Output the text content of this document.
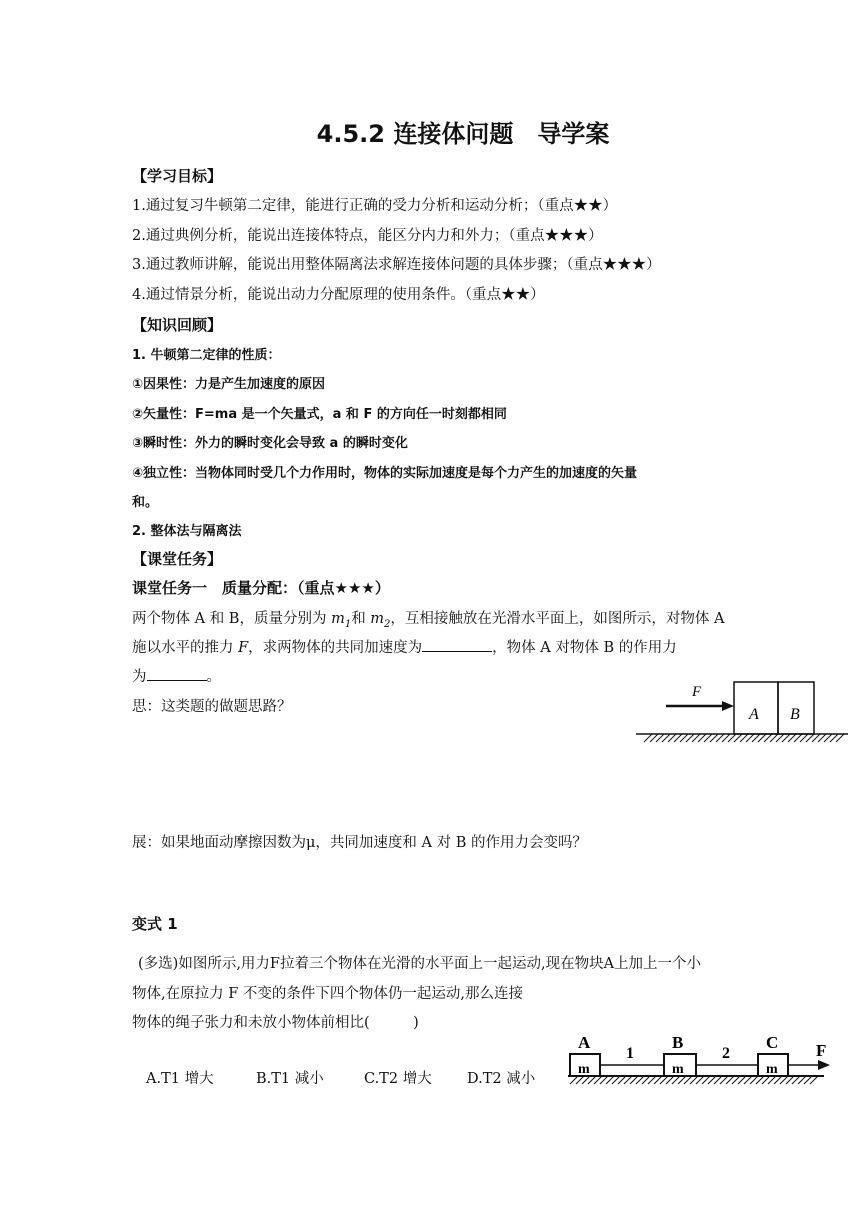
4.5.2 连接体问题　导学案
【学习目标】
1.通过复习牛顿第二定律，能进行正确的受力分析和运动分析；（重点★★）
2.通过典例分析，能说出连接体特点，能区分内力和外力；（重点★★★）
3.通过教师讲解，能说出用整体隔离法求解连接体问题的具体步骤；（重点★★★）
4.通过情景分析，能说出动力分配原理的使用条件。（重点★★）
【知识回顾】
1. 牛顿第二定律的性质：
①因果性：力是产生加速度的原因
②矢量性：F=ma 是一个矢量式，a 和 F 的方向任一时刻都相同
③瞬时性：外力的瞬时变化会导致 a 的瞬时变化
④独立性：当物体同时受几个力作用时，物体的实际加速度是每个力产生的加速度的矢量
和。
2. 整体法与隔离法
【课堂任务】
课堂任务一　质量分配：（重点★★★）
两个物体 A 和 B，质量分别为 $m_1$和 $m_2$，互相接触放在光滑水平面上，如图所示，对物体 A
施以水平的推力 F，求两物体的共同加速度为	，物体 A 对物体 B 的作用力
为	。
思：这类题的做题思路？
F
A B
展：如果地面动摩擦因数为μ，共同加速度和 A 对 B 的作用力会变吗？
变式 1
(多选)如图所示,用力F拉着三个物体在光滑的水平面上一起运动,现在物块A上加上一个小
物体,在原拉力 F 不变的条件下四个物体仍一起运动,那么连接
物体的绳子张力和未放小物体前相比(　　　)
A.T1 增大	B.T1 减小	C.T2 增大 D.T2 减小
A	B	C
m	m	m
1	2	F
